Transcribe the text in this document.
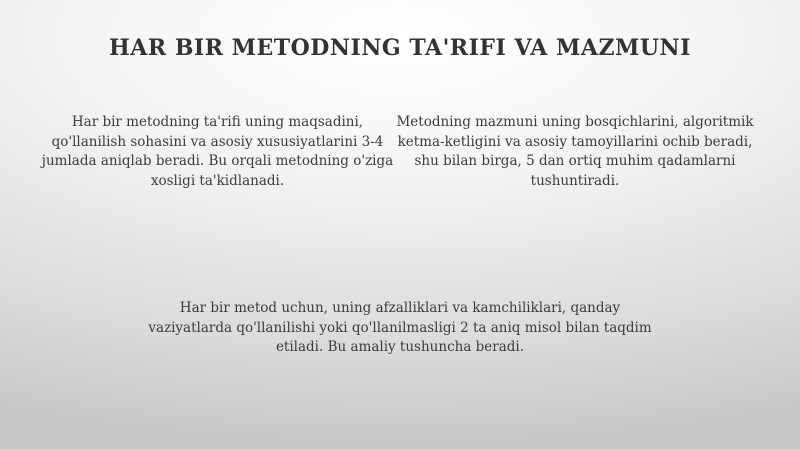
HAR BIR METODNING TA'RIFI VA MAZMUNI

Har bir metodning ta'rifi uning maqsadini, qo'llanilish sohasini va asosiy xususiyatlarini 3-4 jumlada aniqlab beradi. Bu orqali metodning o'ziga xosligi ta'kidlanadi.

Metodning mazmuni uning bosqichlarini, algoritmik ketma-ketligini va asosiy tamoyillarini ochib beradi, shu bilan birga, 5 dan ortiq muhim qadamlarni tushuntiradi.

Har bir metod uchun, uning afzalliklari va kamchiliklari, qanday vaziyatlarda qo'llanilishi yoki qo'llanilmasligi 2 ta aniq misol bilan taqdim etiladi. Bu amaliy tushuncha beradi.
